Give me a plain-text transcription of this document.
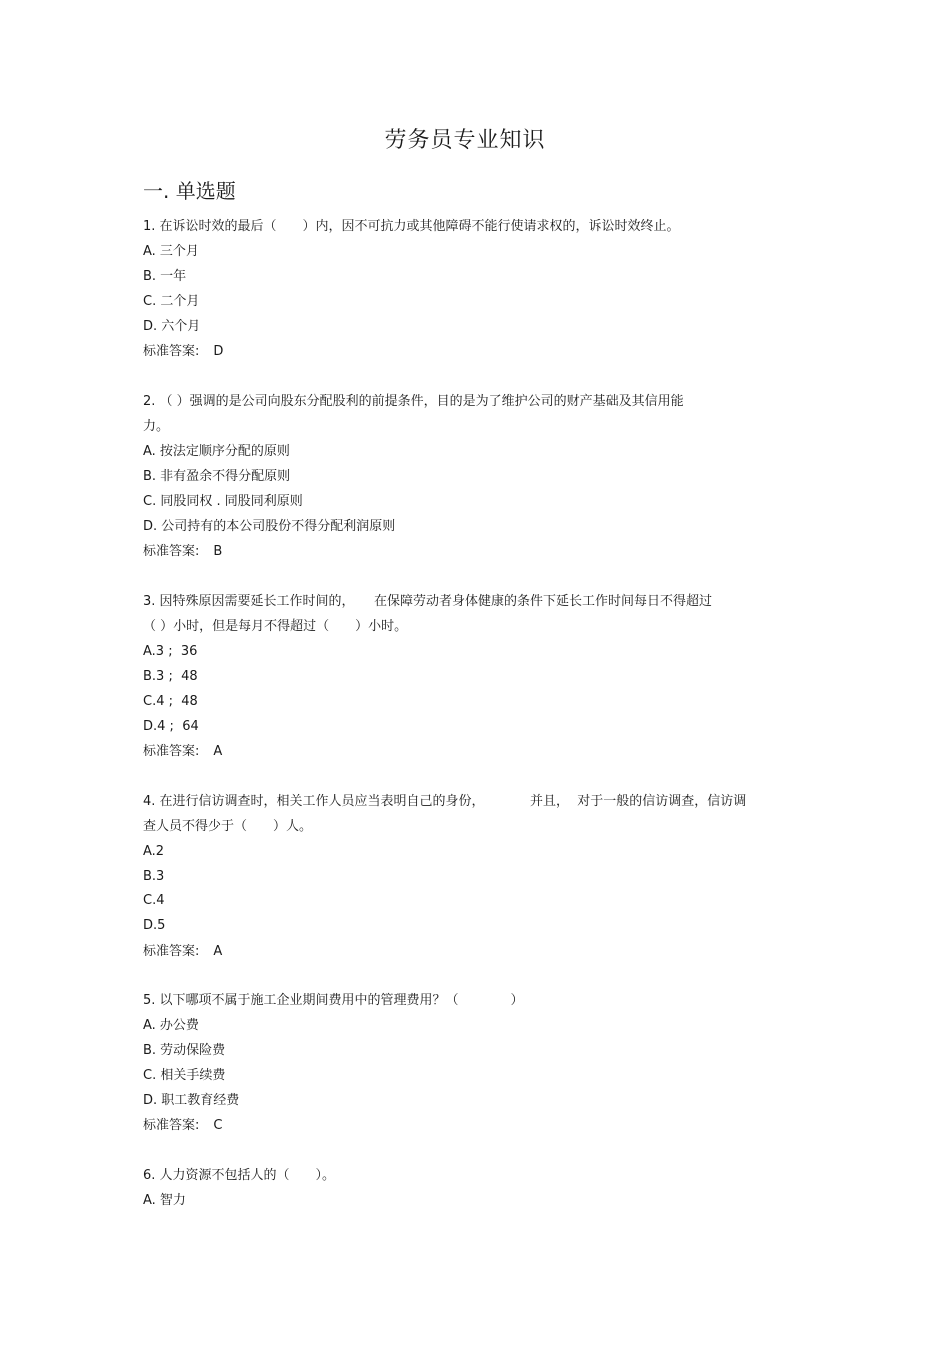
劳务员专业知识
一. 单选题
1. 在诉讼时效的最后（　　）内，因不可抗力或其他障碍不能行使请求权的，诉讼时效终止。
A. 三个月
B. 一年
C. 二个月
D. 六个月
标准答案: D
2. （ ）强调的是公司向股东分配股利的前提条件，目的是为了维护公司的财产基础及其信用能
力。
A. 按法定顺序分配的原则
B. 非有盈余不得分配原则
C. 同股同权 . 同股同利原则
D. 公司持有的本公司股份不得分配利润原则
标准答案: B
3. 因特殊原因需要延长工作时间的，　　在保障劳动者身体健康的条件下延长工作时间每日不得超过
（ ）小时，但是每月不得超过（　　）小时。
A.3 ;  36
B.3 ;  48
C.4 ;  48
D.4 ;  64
标准答案: A
4. 在进行信访调查时，相关工作人员应当表明自己的身份，　　　　并且，  对于一般的信访调查，信访调
查人员不得少于（　　）人。
A.2
B.3
C.4
D.5
标准答案: A
5. 以下哪项不属于施工企业期间费用中的管理费用？（　　　　）
A. 办公费
B. 劳动保险费
C. 相关手续费
D. 职工教育经费
标准答案: C
6. 人力资源不包括人的（　　）。
A. 智力
